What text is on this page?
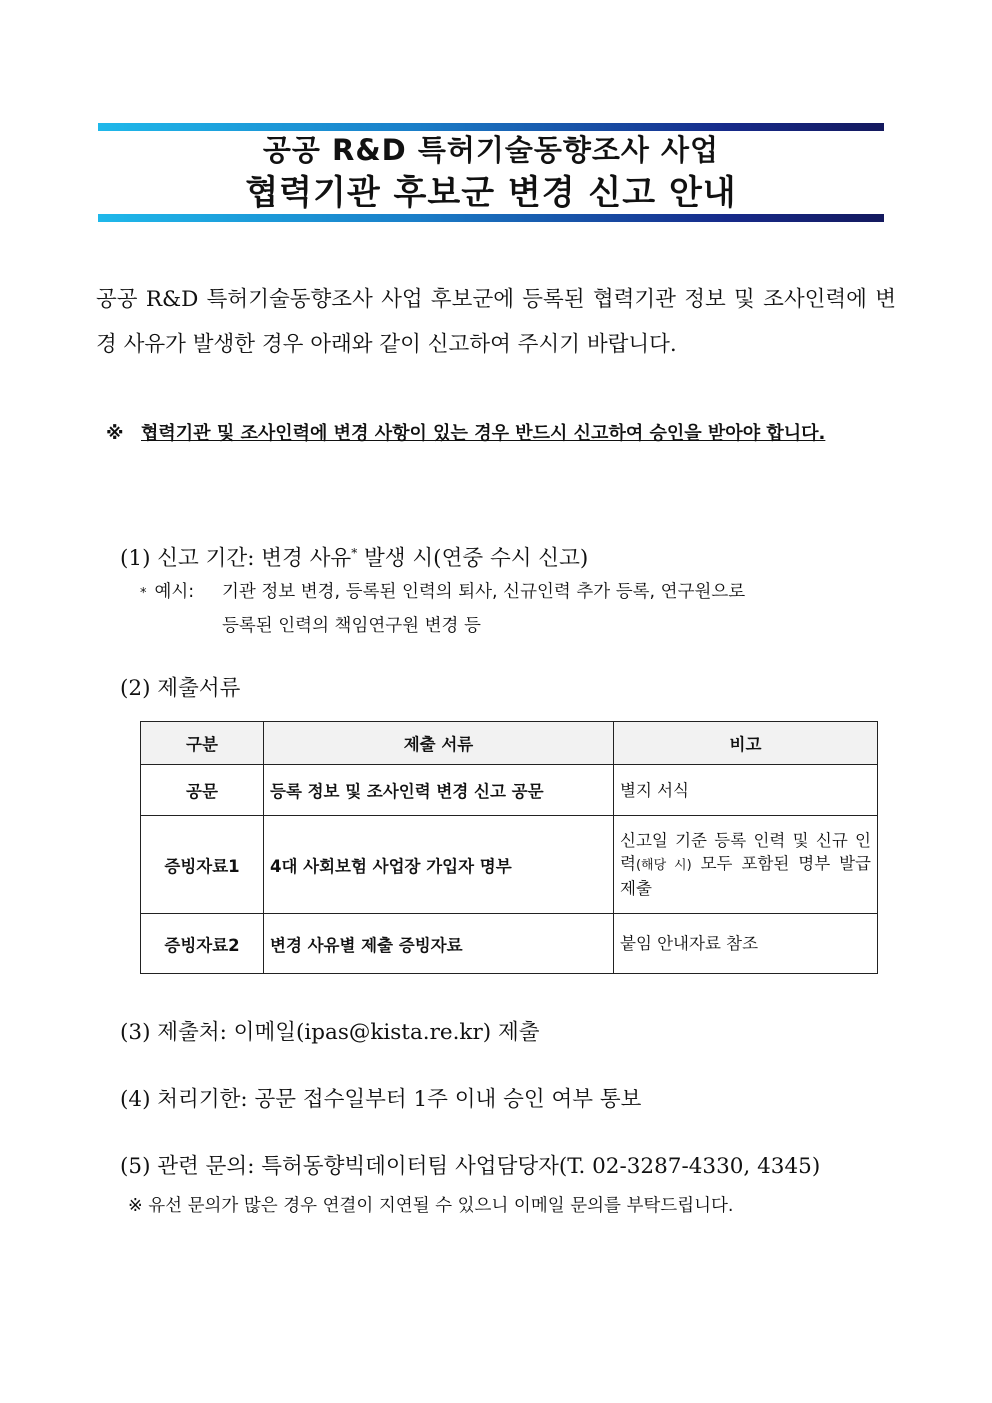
공공 R&D 특허기술동향조사 사업
협력기관 후보군 변경 신고 안내
공공 R&D 특허기술동향조사 사업 후보군에 등록된 협력기관 정보 및 조사인력에 변경 사유가 발생한 경우 아래와 같이 신고하여 주시기 바랍니다.
※ 협력기관 및 조사인력에 변경 사항이 있는 경우 반드시 신고하여 승인을 받아야 합니다.
(1) 신고 기간: 변경 사유* 발생 시(연중 수시 신고)
* 예시: 기관 정보 변경, 등록된 인력의 퇴사, 신규인력 추가 등록, 연구원으로
등록된 인력의 책임연구원 변경 등
(2) 제출서류
구분	제출 서류	비고
공문	등록 정보 및 조사인력 변경 신고 공문	별지 서식
증빙자료1	4대 사회보험 사업장 가입자 명부	신고일 기준 등록 인력 및 신규 인력(해당 시) 모두 포함된 명부 발급 제출
증빙자료2	변경 사유별 제출 증빙자료	붙임 안내자료 참조
(3) 제출처: 이메일(ipas@kista.re.kr) 제출
(4) 처리기한: 공문 접수일부터 1주 이내 승인 여부 통보
(5) 관련 문의: 특허동향빅데이터팀 사업담당자(T. 02-3287-4330, 4345)
※ 유선 문의가 많은 경우 연결이 지연될 수 있으니 이메일 문의를 부탁드립니다.
